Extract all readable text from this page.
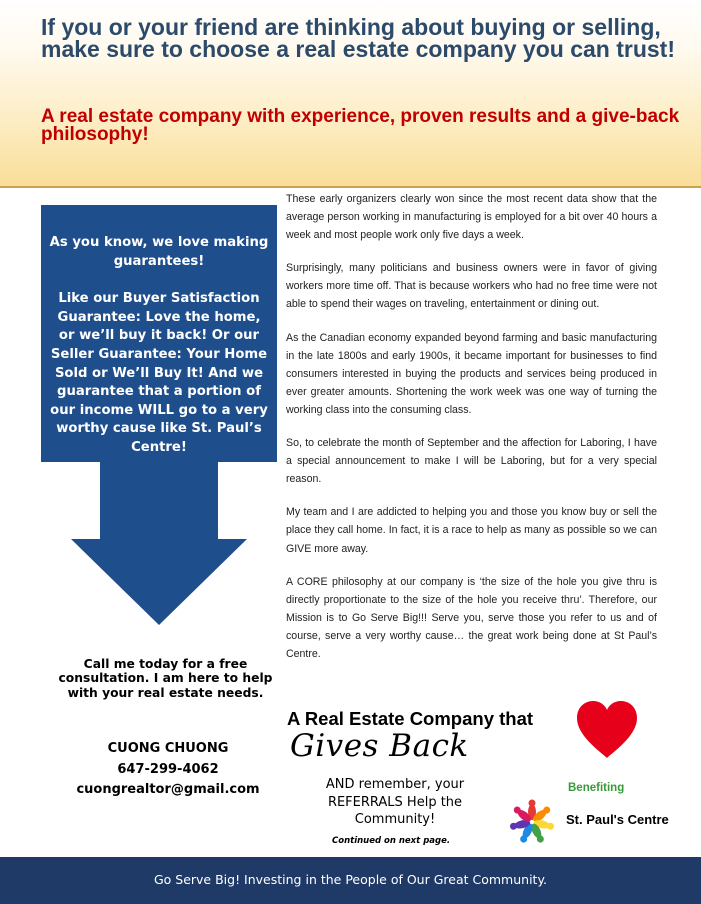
If you or your friend are thinking about buying or selling, make sure to choose a real estate company you can trust!
A real estate company with experience, proven results and a give-back philosophy!

As you know, we love making guarantees!

Like our Buyer Satisfaction Guarantee: Love the home, or we’ll buy it back! Or our Seller Guarantee: Your Home Sold or We’ll Buy It! And we guarantee that a portion of our income WILL go to a very worthy cause like St. Paul’s Centre!

These early organizers clearly won since the most recent data show that the average person working in manufacturing is employed for a bit over 40 hours a week and most people work only five days a week.

Surprisingly, many politicians and business owners were in favor of giving workers more time off. That is because workers who had no free time were not able to spend their wages on traveling, entertainment or dining out.

As the Canadian economy expanded beyond farming and basic manufacturing in the late 1800s and early 1900s, it became important for businesses to find consumers interested in buying the products and services being produced in ever greater amounts. Shortening the work week was one way of turning the working class into the consuming class.

So, to celebrate the month of September and the affection for Laboring, I have a special announcement to make I will be Laboring, but for a very special reason.

My team and I are addicted to helping you and those you know buy or sell the place they call home. In fact, it is a race to help as many as possible so we can GIVE more away.

A CORE philosophy at our company is ‘the size of the hole you give thru is directly proportionate to the size of the hole you receive thru’. Therefore, our Mission is to Go Serve Big!!! Serve you, serve those you refer to us and of course, serve a very worthy cause… the great work being done at St Paul’s Centre.

Call me today for a free consultation. I am here to help with your real estate needs.
CUONG CHUONG
647-299-4062
cuongrealtor@gmail.com
A Real Estate Company that
Gives Back
AND remember, your REFERRALS Help the Community!
Continued on next page.
Benefiting
St. Paul's Centre
Go Serve Big! Investing in the People of Our Great Community.
